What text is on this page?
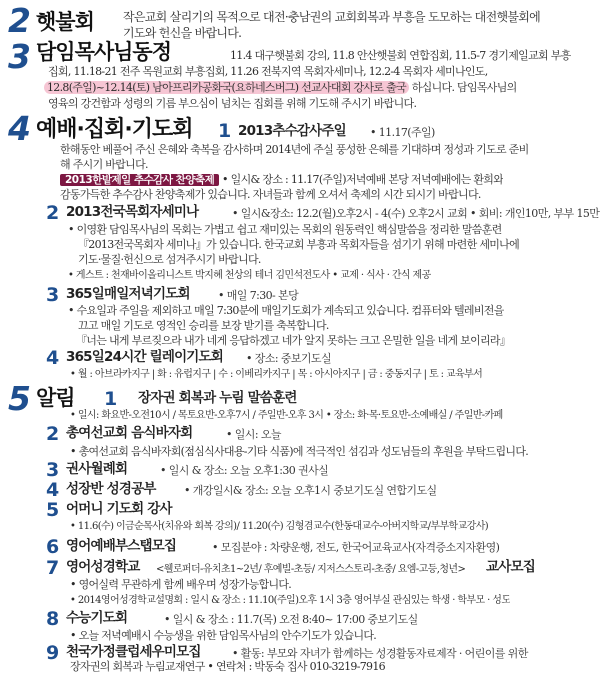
2 햇불회 작은교회 살리기의 목적으로 대전·충남권의 교회회복과 부흥을 도모하는 대전햇불회에
기도와 헌신을 바랍니다.
3 담임목사님동정	11.4 대구햇불회 강의, 11.8 안산햇불회 연합집회, 11.5-7 경기제일교회 부흥
집회, 11.18-21 전주 목원교회 부흥집회, 11.26 전북지역 목회자세미나, 12.2-4 목회자 세미나인도,
12.8(주일)~12.14(토) 남아프리카공화국(요하네스버그) 선교사대회 강사로 출국 하십니다. 담임목사님의
영육의 강건함과 성령의 기름 부으심이 넘치는 집회를 위해 기도해 주시기 바랍니다.
4 예배·집회·기도회 1 2013추수감사주일 • 11.17(주일)
한해동안 베풀어 주신 은혜와 축복을 감사하며 2014년에 주실 풍성한 은혜를 기대하며 정성과 기도로 준비
해 주시기 바랍니다.
2013한밭제일 추수감사 찬양축제 • 일시& 장소 : 11.17(주일)저녁예배 본당 저녁예배에는 환희와
감동가득한 추수감사 찬양축제가 있습니다. 자녀들과 함께 오셔서 축제의 시간 되시기 바랍니다.
2 2013전국목회자세미나	• 일시&장소: 12.2(월)오후2시 - 4(수) 오후2시 교회 • 회비: 개인10만, 부부 15만
• 이영환 담임목사님의 목회는 가볍고 쉽고 재미있는 목회의 원동력인 핵심말씀을 정리한 말씀훈련
『2013전국목회자 세미나』가 있습니다. 한국교회 부흥과 목회자들을 섬기기 위해 마련한 세미나에
기도·물질·헌신으로 섬겨주시기 바랍니다.
• 게스트 : 천재바이올리니스트 박지혜 천상의 테너 김민석전도사 • 교제 · 식사 · 간식 제공
3 365일매일저녁기도회	• 매일 7:30- 본당
• 수요일과 주일을 제외하고 매일 7:30분에 매일기도회가 계속되고 있습니다. 컴퓨터와 텔레비전을
끄고 매일 기도로 영적인 승리를 보장 받기를 축복합니다.
『너는 내게 부르짖으라 내가 네게 응답하겠고 네가 알지 못하는 크고 은밀한 일을 네게 보이리라』
4 365일24시간 릴레이기도회 • 장소: 중보기도실
• 월 : 아브라카지구 | 화 : 유럽지구 | 수 : 이베리카지구 | 목 : 아시아지구 | 금 : 중동지구 | 토 : 교육부서
5 알림 1 장자권 회복과 누림 말씀훈련
• 일시: 화요반-오전10시 / 목토요반-오후7시 / 주일반-오후 3시 • 장소: 화·목·토요반-소예배실 / 주일반-카페
2 총여선교회 음식바자회	• 일시: 오늘
• 총여선교회 음식바자회(점심식사대용-기타 식품)에 적극적인 섬김과 성도님들의 후원을 부탁드립니다.
3 권사월례회	• 일시 & 장소: 오늘 오후1:30 권사실
4 성장반 성경공부	• 개강일시& 장소: 오늘 오후1시 중보기도실 연합기도실
5 어머니 기도회 강사
• 11.6(수) 이금순목사(치유와 회복 강의)/ 11.20(수) 김형겸교수(한동대교수-아버지학교/부부학교강사)
6 영어예배부스탭모집	• 모집분야 : 차량운행, 전도, 한국어교육교사(자격증소지자환영)
7 영어성경학교 <웰로퍼더-유치초1~2년/ 후예빌-초등/ 지저스스토리-초중/ 요엠-고등,청년> 교사모집
• 영어실력 무관하게 함께 배우며 성장가능합니다.
• 2014영어성경학교설명회 : 일시 & 장소 : 11.10(주일)오후 1시 3층 영어부실 관심있는 학생 · 학부모 · 성도
8 수능기도회	• 일시 & 장소 : 11.7(목) 오전 8:40~ 17:00 중보기도실
• 오늘 저녁예배시 수능생을 위한 담임목사님의 안수기도가 있습니다.
9 천국가정클럽세우미모집	• 활동: 부모와 자녀가 함께하는 성경활동자료제작 · 어린이를 위한
장자권의 회복과 누림교재연구 • 연락처 : 박동숙 집사 010-3219-7916
